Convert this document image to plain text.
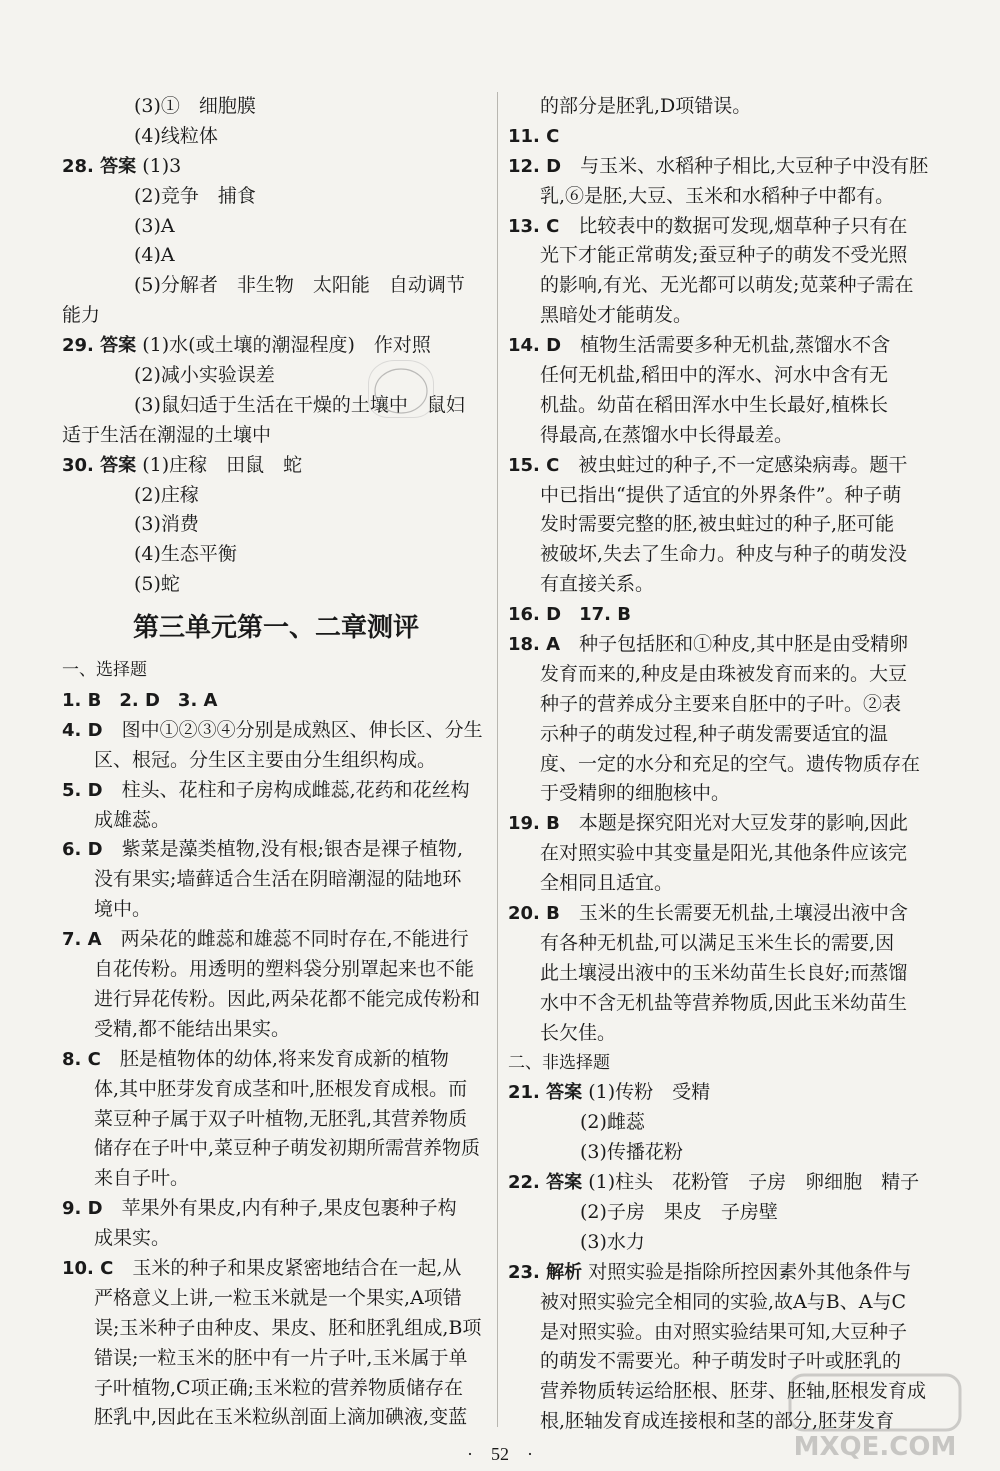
(3)①　细胞膜
(4)线粒体
28. 答案 (1)3
(2)竞争　捕食
(3)A
(4)A
(5)分解者　非生物　太阳能　自动调节
能力
29. 答案 (1)水(或土壤的潮湿程度)　作对照
(2)减小实验误差
(3)鼠妇适于生活在干燥的土壤中　鼠妇
适于生活在潮湿的土壤中
30. 答案 (1)庄稼　田鼠　蛇
(2)庄稼
(3)消费
(4)生态平衡
(5)蛇
第三单元第一、二章测评
一、选择题
1. B　2. D　3. A
4. D　图中①②③④分别是成熟区、伸长区、分生
区、根冠。分生区主要由分生组织构成。
5. D　柱头、花柱和子房构成雌蕊,花药和花丝构
成雄蕊。
6. D　紫菜是藻类植物,没有根;银杏是裸子植物,
没有果实;墙藓适合生活在阴暗潮湿的陆地环
境中。
7. A　两朵花的雌蕊和雄蕊不同时存在,不能进行
自花传粉。用透明的塑料袋分别罩起来也不能
进行异花传粉。因此,两朵花都不能完成传粉和
受精,都不能结出果实。
8. C　胚是植物体的幼体,将来发育成新的植物
体,其中胚芽发育成茎和叶,胚根发育成根。而
菜豆种子属于双子叶植物,无胚乳,其营养物质
储存在子叶中,菜豆种子萌发初期所需营养物质
来自子叶。
9. D　苹果外有果皮,内有种子,果皮包裹种子构
成果实。
10. C　玉米的种子和果皮紧密地结合在一起,从
严格意义上讲,一粒玉米就是一个果实,A项错
误;玉米种子由种皮、果皮、胚和胚乳组成,B项
错误;一粒玉米的胚中有一片子叶,玉米属于单
子叶植物,C项正确;玉米粒的营养物质储存在
胚乳中,因此在玉米粒纵剖面上滴加碘液,变蓝
的部分是胚乳,D项错误。
11. C
12. D　与玉米、水稻种子相比,大豆种子中没有胚
乳,⑥是胚,大豆、玉米和水稻种子中都有。
13. C　比较表中的数据可发现,烟草种子只有在
光下才能正常萌发;蚕豆种子的萌发不受光照
的影响,有光、无光都可以萌发;苋菜种子需在
黑暗处才能萌发。
14. D　植物生活需要多种无机盐,蒸馏水不含
任何无机盐,稻田中的浑水、河水中含有无
机盐。幼苗在稻田浑水中生长最好,植株长
得最高,在蒸馏水中长得最差。
15. C　被虫蛀过的种子,不一定感染病毒。题干
中已指出“提供了适宜的外界条件”。种子萌
发时需要完整的胚,被虫蛀过的种子,胚可能
被破坏,失去了生命力。种皮与种子的萌发没
有直接关系。
16. D　17. B
18. A　种子包括胚和①种皮,其中胚是由受精卵
发育而来的,种皮是由珠被发育而来的。大豆
种子的营养成分主要来自胚中的子叶。②表
示种子的萌发过程,种子萌发需要适宜的温
度、一定的水分和充足的空气。遗传物质存在
于受精卵的细胞核中。
19. B　本题是探究阳光对大豆发芽的影响,因此
在对照实验中其变量是阳光,其他条件应该完
全相同且适宜。
20. B　玉米的生长需要无机盐,土壤浸出液中含
有各种无机盐,可以满足玉米生长的需要,因
此土壤浸出液中的玉米幼苗生长良好;而蒸馏
水中不含无机盐等营养物质,因此玉米幼苗生
长欠佳。
二、非选择题
21. 答案 (1)传粉　受精
(2)雌蕊
(3)传播花粉
22. 答案 (1)柱头　花粉管　子房　卵细胞　精子
(2)子房　果皮　子房壁
(3)水力
23. 解析 对照实验是指除所控因素外其他条件与
被对照实验完全相同的实验,故A与B、A与C
是对照实验。由对照实验结果可知,大豆种子
的萌发不需要光。种子萌发时子叶或胚乳的
营养物质转运给胚根、胚芽、胚轴,胚根发育成
根,胚轴发育成连接根和茎的部分,胚芽发育
MXQE.COM
·　52　·
